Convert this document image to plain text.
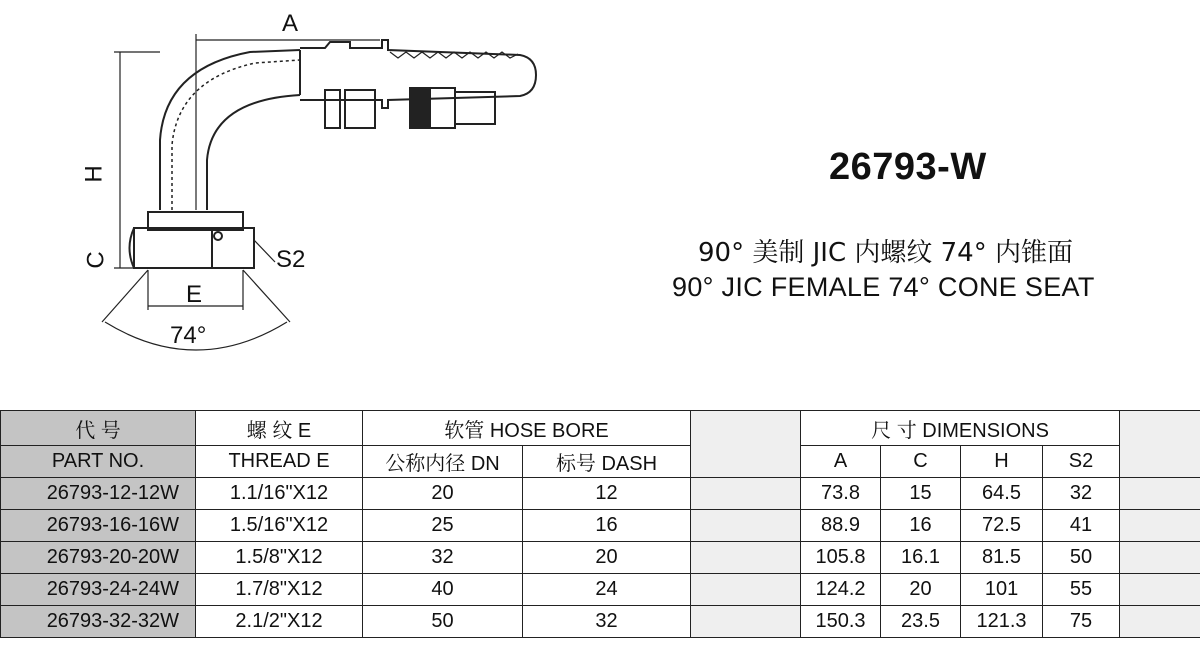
A
H
C
E
S2
74°
26793-W
90° 美制 JIC 内螺纹 74° 内锥面
90° JIC FEMALE 74° CONE SEAT
代 号	螺 纹 E	软管 HOSE BORE			尺 寸 DIMENSIONS				
PART NO.	THREAD E	公称内径 DN	标号 DASH		A	C	H	S2	
26793-12-12W	1.1/16"X12	20	12		73.8	15	64.5	32	
26793-16-16W	1.5/16"X12	25	16		88.9	16	72.5	41	
26793-20-20W	1.5/8"X12	32	20		105.8	16.1	81.5	50	
26793-24-24W	1.7/8"X12	40	24		124.2	20	101	55	
26793-32-32W	2.1/2"X12	50	32		150.3	23.5	121.3	75	
